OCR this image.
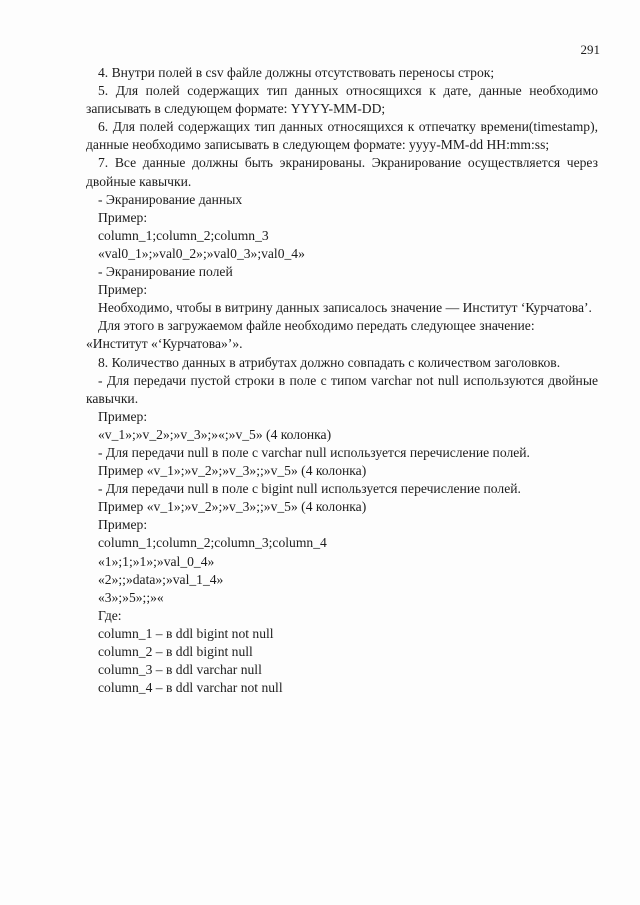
291

4. Внутри полей в csv файле должны отсутствовать переносы строк;

5. Для полей содержащих тип данных относящихся к дате, данные необходимо записывать в следующем формате: YYYY-MM-DD;

6. Для полей содержащих тип данных относящихся к отпечатку времени(timestamp), данные необходимо записывать в следующем формате: yyyy-MM-dd HH:mm:ss;

7. Все данные должны быть экранированы. Экранирование осуществляется через двойные кавычки.

- Экранирование данных

Пример:

column_1;column_2;column_3

«val0_1»;»val0_2»;»val0_3»;val0_4»

- Экранирование полей

Пример:

Необходимо, чтобы в витрину данных записалось значение — Институт ‘Курчатова’.

Для этого в загружаемом файле необходимо передать следующее значение: «Институт «‘Курчатова»’».

8. Количество данных в атрибутах должно совпадать с количеством заголовков.

- Для передачи пустой строки в поле с типом varchar not null используются двойные кавычки.

Пример:

«v_1»;»v_2»;»v_3»;»«;»v_5» (4 колонка)

- Для передачи null в поле с varchar null используется перечисление полей.

Пример «v_1»;»v_2»;»v_3»;;»v_5» (4 колонка)

- Для передачи null в поле с bigint null используется перечисление полей.

Пример «v_1»;»v_2»;»v_3»;;»v_5» (4 колонка)

Пример:

column_1;column_2;column_3;column_4

«1»;1;»1»;»val_0_4»

«2»;;»data»;»val_1_4»

«3»;»5»;;»«

Где:

column_1 – в ddl bigint not null

column_2 – в ddl bigint null

column_3 – в ddl varchar null

column_4 – в ddl varchar not null
